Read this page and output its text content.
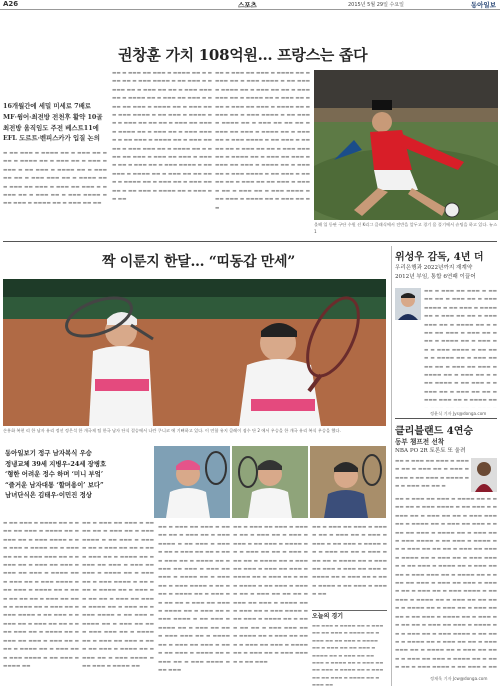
A26	스포츠	2015년 5월 29일 수요일	동아일보
권창훈 가치 108억원… 프랑스는 좁다
16개월간에 세밀 미세로 7배로
MF·윙어·최전방 전천후 활약 10골
최전방 움직임도 주전 베스트11에
EFL 도르트·벤피스카가 입질 논의
▬ ▬▬ ▬▬▬ ▬ ▬▬▬▬ ▬▬ ▬ ▬▬▬ ▬▬ ▬▬▬ ▬ ▬▬▬▬ ▬▬ ▬ ▬▬▬ ▬▬ ▬ ▬▬▬ ▬▬▬▬ ▬ ▬▬ ▬▬▬ ▬ ▬▬▬▬ ▬▬ ▬ ▬▬▬ ▬▬ ▬▬ ▬ ▬▬▬ ▬▬▬ ▬▬ ▬ ▬▬▬▬ ▬▬ ▬ ▬▬▬ ▬▬ ▬▬▬ ▬ ▬▬▬ ▬▬ ▬▬▬ ▬ ▬▬▬▬ ▬▬ ▬ ▬▬▬ ▬▬ ▬ ▬▬▬ ▬▬▬▬ ▬ ▬▬ ▬▬▬ ▬ ▬▬▬▬ ▬▬ ▬ ▬▬▬ ▬▬ ▬▬
▬▬ ▬ ▬▬▬ ▬▬ ▬▬▬ ▬ ▬▬▬▬ ▬▬ ▬ ▬▬▬ ▬▬ ▬ ▬▬▬ ▬▬▬▬ ▬ ▬▬ ▬▬▬ ▬ ▬▬▬▬ ▬▬ ▬ ▬▬▬ ▬▬ ▬▬ ▬ ▬▬▬ ▬▬▬ ▬▬ ▬ ▬▬▬▬ ▬▬ ▬ ▬▬▬ ▬▬ ▬▬▬ ▬ ▬▬▬ ▬▬ ▬▬▬ ▬ ▬▬▬▬ ▬▬ ▬ ▬▬▬ ▬▬ ▬ ▬▬▬ ▬▬▬▬ ▬ ▬▬ ▬▬▬ ▬ ▬▬▬▬ ▬▬ ▬ ▬▬▬ ▬▬ ▬▬ ▬▬ ▬ ▬▬▬ ▬▬ ▬▬▬ ▬ ▬▬▬▬ ▬▬ ▬ ▬▬▬ ▬▬ ▬ ▬▬▬ ▬▬▬▬ ▬ ▬▬ ▬▬▬ ▬ ▬▬▬▬ ▬▬ ▬ ▬▬▬ ▬▬ ▬▬ ▬ ▬▬▬ ▬▬▬ ▬▬ ▬ ▬▬▬▬ ▬▬ ▬ ▬▬▬ ▬▬ ▬▬▬ ▬ ▬▬▬ ▬▬ ▬▬▬ ▬ ▬▬▬▬ ▬▬ ▬ ▬▬▬ ▬▬ ▬ ▬▬▬ ▬▬▬▬ ▬ ▬▬ ▬▬▬ ▬ ▬▬▬▬ ▬▬ ▬ ▬▬▬ ▬▬ ▬▬ ▬▬▬ ▬ ▬▬▬▬ ▬▬ ▬ ▬▬▬ ▬▬ ▬ ▬▬▬ ▬▬▬▬ ▬ ▬▬ ▬▬▬ ▬ ▬▬▬▬ ▬▬ ▬ ▬▬▬ ▬▬ ▬▬
▬▬ ▬ ▬▬▬ ▬▬ ▬▬▬ ▬ ▬▬▬▬ ▬▬ ▬ ▬▬▬ ▬▬ ▬ ▬▬▬ ▬▬▬▬ ▬ ▬▬ ▬▬▬ ▬ ▬▬▬▬ ▬▬ ▬ ▬▬▬ ▬▬ ▬▬ ▬ ▬▬▬ ▬▬▬ ▬▬ ▬ ▬▬▬▬ ▬▬ ▬ ▬▬▬ ▬▬ ▬▬▬ ▬ ▬▬▬ ▬▬ ▬▬▬ ▬ ▬▬▬▬ ▬▬ ▬ ▬▬▬ ▬▬ ▬ ▬▬▬ ▬▬▬▬ ▬ ▬▬ ▬▬▬ ▬ ▬▬▬▬ ▬▬ ▬ ▬▬▬ ▬▬ ▬▬ ▬▬ ▬ ▬▬▬ ▬▬ ▬▬▬ ▬ ▬▬▬▬ ▬▬ ▬ ▬▬▬ ▬▬ ▬ ▬▬▬ ▬▬▬▬ ▬ ▬▬ ▬▬▬ ▬ ▬▬▬▬ ▬▬ ▬ ▬▬▬ ▬▬ ▬▬ ▬ ▬▬▬ ▬▬▬ ▬▬ ▬ ▬▬▬▬ ▬▬ ▬ ▬▬▬ ▬▬ ▬▬▬ ▬ ▬▬▬ ▬▬ ▬▬▬ ▬ ▬▬▬▬ ▬▬ ▬ ▬▬▬ ▬▬ ▬ ▬▬▬ ▬▬▬▬ ▬ ▬▬ ▬▬▬ ▬ ▬▬▬▬ ▬▬ ▬ ▬▬▬ ▬▬ ▬▬ ▬▬▬ ▬ ▬▬▬▬ ▬▬ ▬ ▬▬▬ ▬▬ ▬ ▬▬▬ ▬▬▬▬ ▬ ▬▬ ▬▬▬ ▬ ▬▬▬▬ ▬▬ ▬ ▬▬▬ ▬▬ ▬▬
올해 입 등판 구단 수원 선 K리그 클래식에서 전반을 앞두고 경기 몸 풀기에서 슈팅을 하고 있다. 뉴스1
짝 이룬지 한달… “띠동갑 만세”
손흥화 복현 리 한 남자 유리 정선 정은석 한 개국제 팀 한국 남자 단식 결승에서 나란 쿠니코 에 기뻐하고 있다. 이 연합 유지 클레이 점수 단 2 에서 우승을 한 개국 유리 복식 우승을 했다.
동아일보기 정구 남자복식 우승
정냉교체 39세 지병우-24세 장병호
‘형한 어려운 정수 하며 ‘미니 부엌’
“즐거운 남자대통 ‘할머용이’ 보다”
남녀단식은 김태우·이민진 정상
▬ ▬▬ ▬▬▬ ▬ ▬▬▬▬ ▬▬ ▬ ▬▬▬ ▬▬ ▬▬▬ ▬ ▬▬▬▬ ▬▬ ▬ ▬▬▬ ▬▬ ▬ ▬▬▬ ▬▬▬▬ ▬ ▬▬ ▬▬▬ ▬ ▬▬▬▬ ▬▬ ▬ ▬▬▬ ▬▬ ▬▬ ▬ ▬▬▬ ▬▬▬ ▬▬ ▬ ▬▬▬▬ ▬▬ ▬ ▬▬▬ ▬▬ ▬▬▬ ▬ ▬▬▬ ▬▬ ▬▬▬ ▬ ▬▬▬▬ ▬▬ ▬ ▬▬▬ ▬▬ ▬ ▬▬▬ ▬▬▬▬ ▬ ▬▬ ▬▬▬ ▬ ▬▬▬▬ ▬▬ ▬ ▬▬▬ ▬▬ ▬▬ ▬▬ ▬ ▬▬▬ ▬▬ ▬▬▬ ▬ ▬▬▬▬ ▬▬ ▬ ▬▬▬ ▬▬ ▬ ▬▬▬ ▬▬▬▬ ▬ ▬▬ ▬▬▬ ▬ ▬▬▬▬ ▬▬ ▬ ▬▬▬ ▬▬ ▬▬ ▬ ▬▬▬ ▬▬▬ ▬▬ ▬ ▬▬▬▬ ▬▬ ▬ ▬▬▬ ▬▬ ▬▬▬ ▬ ▬▬▬ ▬▬ ▬▬▬ ▬ ▬▬▬▬ ▬▬ ▬ ▬▬▬ ▬▬ ▬ ▬▬▬ ▬▬▬▬ ▬ ▬▬ ▬▬▬ ▬ ▬▬▬▬ ▬▬
▬▬ ▬ ▬▬▬ ▬▬ ▬▬▬ ▬ ▬▬▬▬ ▬▬ ▬ ▬▬▬ ▬▬ ▬ ▬▬▬ ▬▬▬▬ ▬ ▬▬ ▬▬▬ ▬ ▬▬▬▬ ▬▬ ▬ ▬▬▬ ▬▬ ▬▬ ▬ ▬▬▬ ▬▬▬ ▬▬ ▬ ▬▬▬▬ ▬▬ ▬ ▬▬▬ ▬▬ ▬▬▬ ▬ ▬▬▬ ▬▬ ▬▬▬ ▬ ▬▬▬▬ ▬▬ ▬ ▬▬▬ ▬▬ ▬ ▬▬▬ ▬▬▬▬ ▬ ▬▬ ▬▬▬ ▬ ▬▬▬▬ ▬▬ ▬ ▬▬▬ ▬▬ ▬▬ ▬▬ ▬ ▬▬▬ ▬▬ ▬▬▬ ▬ ▬▬▬▬ ▬▬ ▬ ▬▬▬ ▬▬ ▬ ▬▬▬ ▬▬▬▬ ▬ ▬▬ ▬▬▬ ▬ ▬▬▬▬ ▬▬ ▬ ▬▬▬ ▬▬ ▬▬ ▬ ▬▬▬ ▬▬▬ ▬▬ ▬ ▬▬▬▬ ▬▬ ▬ ▬▬▬ ▬▬ ▬▬▬ ▬ ▬▬▬ ▬▬ ▬▬▬ ▬ ▬▬▬▬ ▬▬ ▬ ▬▬▬ ▬▬ ▬ ▬▬▬ ▬▬▬▬ ▬ ▬▬ ▬▬▬ ▬ ▬▬▬▬ ▬▬
▬▬ ▬ ▬▬▬ ▬▬ ▬▬▬ ▬ ▬▬▬▬ ▬▬ ▬ ▬▬▬ ▬▬ ▬ ▬▬▬ ▬▬▬▬ ▬ ▬▬ ▬▬▬ ▬ ▬▬▬▬ ▬▬ ▬ ▬▬▬ ▬▬ ▬▬ ▬ ▬▬▬ ▬▬▬ ▬▬ ▬ ▬▬▬▬ ▬▬ ▬ ▬▬▬ ▬▬ ▬▬▬ ▬ ▬▬▬ ▬▬ ▬▬▬ ▬ ▬▬▬▬ ▬▬ ▬ ▬▬▬ ▬▬ ▬ ▬▬▬ ▬▬▬▬ ▬ ▬▬ ▬▬▬ ▬ ▬▬▬▬ ▬▬ ▬ ▬▬▬ ▬▬ ▬▬ ▬▬ ▬ ▬▬▬ ▬▬ ▬▬▬ ▬ ▬▬▬▬ ▬▬ ▬ ▬▬▬ ▬▬ ▬ ▬▬▬ ▬▬▬▬ ▬ ▬▬ ▬▬▬ ▬ ▬▬▬▬ ▬▬ ▬ ▬▬▬ ▬▬ ▬▬ ▬ ▬▬▬ ▬▬▬ ▬▬ ▬ ▬▬▬▬ ▬▬ ▬ ▬▬▬ ▬▬ ▬▬▬ ▬ ▬▬▬ ▬▬ ▬▬▬ ▬ ▬▬▬▬ ▬▬ ▬ ▬▬▬ ▬▬ ▬ ▬▬▬ ▬▬▬▬ ▬ ▬▬ ▬▬▬
▬▬ ▬ ▬▬▬ ▬▬ ▬▬▬ ▬ ▬▬▬▬ ▬▬ ▬ ▬▬▬ ▬▬ ▬ ▬▬▬ ▬▬▬▬ ▬ ▬▬ ▬▬▬ ▬ ▬▬▬▬ ▬▬ ▬ ▬▬▬ ▬▬ ▬▬ ▬ ▬▬▬ ▬▬▬ ▬▬ ▬ ▬▬▬▬ ▬▬ ▬ ▬▬▬ ▬▬ ▬▬▬ ▬ ▬▬▬ ▬▬ ▬▬▬ ▬ ▬▬▬▬ ▬▬ ▬ ▬▬▬ ▬▬ ▬ ▬▬▬ ▬▬▬▬ ▬ ▬▬ ▬▬▬ ▬ ▬▬▬▬ ▬▬ ▬ ▬▬▬ ▬▬ ▬▬ ▬▬ ▬ ▬▬▬ ▬▬ ▬▬▬ ▬ ▬▬▬▬ ▬▬ ▬ ▬▬▬ ▬▬ ▬ ▬▬▬ ▬▬▬▬ ▬ ▬▬ ▬▬▬ ▬ ▬▬▬▬ ▬▬ ▬ ▬▬▬ ▬▬ ▬▬ ▬ ▬▬▬ ▬▬▬ ▬▬ ▬ ▬▬▬▬ ▬▬ ▬ ▬▬▬ ▬▬ ▬▬▬ ▬ ▬▬▬ ▬▬ ▬▬▬ ▬ ▬▬▬▬ ▬▬ ▬ ▬▬▬ ▬▬ ▬ ▬▬▬ ▬▬▬▬ ▬ ▬▬ ▬▬▬
▬▬ ▬ ▬▬▬ ▬▬ ▬▬▬ ▬ ▬▬▬▬ ▬▬ ▬ ▬▬▬ ▬▬ ▬ ▬▬▬ ▬▬▬▬ ▬ ▬▬ ▬▬▬ ▬ ▬▬▬▬ ▬▬ ▬ ▬▬▬ ▬▬ ▬▬ ▬ ▬▬▬ ▬▬▬ ▬▬ ▬ ▬▬▬▬ ▬▬ ▬ ▬▬▬ ▬▬ ▬▬▬ ▬ ▬▬▬ ▬▬ ▬▬▬ ▬ ▬▬▬▬ ▬▬ ▬ ▬▬▬ ▬▬ ▬ ▬▬▬ ▬▬▬▬ ▬ ▬▬ ▬▬▬ ▬ ▬▬▬▬ ▬▬
오늘의 경기
▬▬ ▬▬▬ ▬ ▬▬▬▬ ▬▬ ▬ ▬▬▬ ▬▬ ▬▬ ▬▬▬ ▬ ▬▬▬▬ ▬▬ ▬ ▬▬▬ ▬▬ ▬▬ ▬▬▬ ▬ ▬▬▬▬ ▬▬ ▬ ▬▬▬ ▬▬ ▬▬ ▬▬▬ ▬ ▬▬▬▬ ▬▬ ▬ ▬▬▬ ▬▬ ▬▬ ▬▬▬ ▬ ▬▬▬▬ ▬▬ ▬ ▬▬▬ ▬▬ ▬▬ ▬▬▬ ▬ ▬▬▬▬ ▬▬ ▬ ▬▬▬ ▬▬ ▬▬ ▬▬▬ ▬ ▬▬▬▬ ▬▬ ▬ ▬▬▬ ▬▬
위성우 감독, 4년 더
우리은행과 2022년까지 재계약
2012년 부임, 통합 6연패 이끌어
▬▬ ▬ ▬▬▬ ▬▬ ▬▬▬ ▬ ▬▬▬▬ ▬▬ ▬ ▬▬▬ ▬▬ ▬ ▬▬▬ ▬▬▬▬ ▬ ▬▬ ▬▬▬ ▬ ▬▬▬▬ ▬▬ ▬ ▬▬▬ ▬▬ ▬▬ ▬ ▬▬▬ ▬▬▬ ▬▬ ▬ ▬▬▬▬ ▬▬ ▬ ▬▬▬ ▬▬ ▬▬▬ ▬ ▬▬▬ ▬▬ ▬▬▬ ▬ ▬▬▬▬ ▬▬ ▬ ▬▬▬ ▬▬ ▬ ▬▬▬ ▬▬▬▬ ▬ ▬▬ ▬▬▬ ▬ ▬▬▬▬ ▬▬ ▬ ▬▬▬ ▬▬ ▬▬ ▬▬ ▬ ▬▬▬ ▬▬ ▬▬▬ ▬ ▬▬▬▬ ▬▬ ▬ ▬▬▬ ▬▬ ▬ ▬▬▬ ▬▬▬▬ ▬ ▬▬ ▬▬▬ ▬ ▬▬▬▬ ▬▬ ▬ ▬▬▬ ▬▬ ▬▬ ▬ ▬▬▬ ▬▬▬ ▬▬ ▬ ▬▬▬▬ ▬▬
정윤식 기자 Jys@donga.com
클리블랜드 4연승
동부 챔프전 선착
NBA PO 2R 토론토 또 울려
▬▬ ▬ ▬▬▬ ▬▬ ▬▬▬ ▬ ▬▬▬▬ ▬▬ ▬ ▬▬▬ ▬▬ ▬ ▬▬▬ ▬▬▬▬ ▬ ▬▬ ▬▬▬ ▬ ▬▬▬▬ ▬▬ ▬ ▬▬▬ ▬▬ ▬▬ ▬
▬▬ ▬ ▬▬▬ ▬▬ ▬▬▬ ▬ ▬▬▬▬ ▬▬ ▬ ▬▬▬ ▬▬ ▬ ▬▬▬ ▬▬▬▬ ▬ ▬▬ ▬▬▬ ▬ ▬▬▬▬ ▬▬ ▬ ▬▬▬ ▬▬ ▬▬ ▬ ▬▬▬ ▬▬▬ ▬▬ ▬ ▬▬▬▬ ▬▬ ▬ ▬▬▬ ▬▬ ▬▬▬ ▬ ▬▬▬ ▬▬ ▬▬▬ ▬ ▬▬▬▬ ▬▬ ▬ ▬▬▬ ▬▬ ▬ ▬▬▬ ▬▬▬▬ ▬ ▬▬ ▬▬▬ ▬ ▬▬▬▬ ▬▬ ▬ ▬▬▬ ▬▬ ▬▬ ▬▬ ▬ ▬▬▬ ▬▬ ▬▬▬ ▬ ▬▬▬▬ ▬▬ ▬ ▬▬▬ ▬▬ ▬ ▬▬▬ ▬▬▬▬ ▬ ▬▬ ▬▬▬ ▬ ▬▬▬▬ ▬▬ ▬ ▬▬▬ ▬▬ ▬▬ ▬ ▬▬▬ ▬▬▬ ▬▬ ▬ ▬▬▬▬ ▬▬ ▬ ▬▬▬ ▬▬ ▬▬▬ ▬ ▬▬▬ ▬▬ ▬▬▬ ▬ ▬▬▬▬ ▬▬ ▬ ▬▬▬ ▬▬ ▬ ▬▬▬ ▬▬▬▬ ▬ ▬▬ ▬▬▬ ▬ ▬▬▬▬ ▬▬ ▬ ▬▬▬ ▬▬ ▬▬ ▬▬▬ ▬ ▬▬▬▬ ▬▬ ▬ ▬▬▬ ▬▬ ▬ ▬▬▬ ▬▬▬▬ ▬ ▬▬ ▬▬▬ ▬ ▬▬▬▬ ▬▬ ▬ ▬▬▬ ▬▬ ▬▬ ▬▬ ▬ ▬▬▬ ▬▬ ▬▬▬ ▬ ▬▬▬▬ ▬▬ ▬ ▬▬▬ ▬▬ ▬ ▬▬▬ ▬▬▬▬ ▬ ▬▬ ▬▬▬ ▬ ▬▬▬▬ ▬▬ ▬ ▬▬▬ ▬▬ ▬▬ ▬ ▬▬▬ ▬▬▬ ▬▬ ▬ ▬▬▬▬ ▬▬ ▬ ▬▬▬ ▬▬ ▬▬▬ ▬ ▬▬▬ ▬▬ ▬▬▬ ▬ ▬▬▬▬ ▬▬ ▬ ▬▬▬ ▬▬ ▬ ▬▬▬ ▬▬▬▬ ▬ ▬▬ ▬▬▬ ▬ ▬▬
정재욱 기자 Jcw@donga.com
